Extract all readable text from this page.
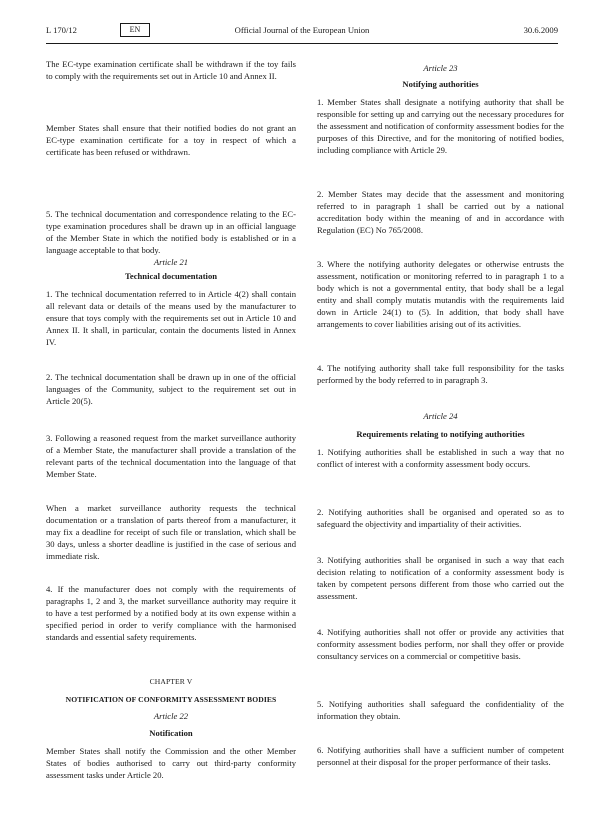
L 170/12	EN	Official Journal of the European Union	30.6.2009

The EC-type examination certificate shall be withdrawn if the toy fails to comply with the requirements set out in Article 10 and Annex II.

Member States shall ensure that their notified bodies do not grant an EC-type examination certificate for a toy in respect of which a certificate has been refused or withdrawn.

5. The technical documentation and correspondence relating to the EC-type examination procedures shall be drawn up in an official language of the Member State in which the notified body is established or in a language acceptable to that body.

Article 21

Technical documentation

1. The technical documentation referred to in Article 4(2) shall contain all relevant data or details of the means used by the manufacturer to ensure that toys comply with the requirements set out in Article 10 and Annex II. It shall, in particular, contain the documents listed in Annex IV.

2. The technical documentation shall be drawn up in one of the official languages of the Community, subject to the requirement set out in Article 20(5).

3. Following a reasoned request from the market surveillance authority of a Member State, the manufacturer shall provide a translation of the relevant parts of the technical documentation into the language of that Member State.

When a market surveillance authority requests the technical documentation or a translation of parts thereof from a manufacturer, it may fix a deadline for receipt of such file or translation, which shall be 30 days, unless a shorter deadline is justified in the case of serious and immediate risk.

4. If the manufacturer does not comply with the requirements of paragraphs 1, 2 and 3, the market surveillance authority may require it to have a test performed by a notified body at its own expense within a specified period in order to verify compliance with the harmonised standards and essential safety requirements.

CHAPTER V

NOTIFICATION OF CONFORMITY ASSESSMENT BODIES

Article 22

Notification

Member States shall notify the Commission and the other Member States of bodies authorised to carry out third-party conformity assessment tasks under Article 20.

Article 23

Notifying authorities

1. Member States shall designate a notifying authority that shall be responsible for setting up and carrying out the necessary procedures for the assessment and notification of conformity assessment bodies for the purposes of this Directive, and for the monitoring of notified bodies, including compliance with Article 29.

2. Member States may decide that the assessment and monitoring referred to in paragraph 1 shall be carried out by a national accreditation body within the meaning of and in accordance with Regulation (EC) No 765/2008.

3. Where the notifying authority delegates or otherwise entrusts the assessment, notification or monitoring referred to in paragraph 1 to a body which is not a governmental entity, that body shall be a legal entity and shall comply mutatis mutandis with the requirements laid down in Article 24(1) to (5). In addition, that body shall have arrangements to cover liabilities arising out of its activities.

4. The notifying authority shall take full responsibility for the tasks performed by the body referred to in paragraph 3.

Article 24

Requirements relating to notifying authorities

1. Notifying authorities shall be established in such a way that no conflict of interest with a conformity assessment body occurs.

2. Notifying authorities shall be organised and operated so as to safeguard the objectivity and impartiality of their activities.

3. Notifying authorities shall be organised in such a way that each decision relating to notification of a conformity assessment body is taken by competent persons different from those who carried out the assessment.

4. Notifying authorities shall not offer or provide any activities that conformity assessment bodies perform, nor shall they offer or provide consultancy services on a commercial or competitive basis.

5. Notifying authorities shall safeguard the confidentiality of the information they obtain.

6. Notifying authorities shall have a sufficient number of competent personnel at their disposal for the proper performance of their tasks.
